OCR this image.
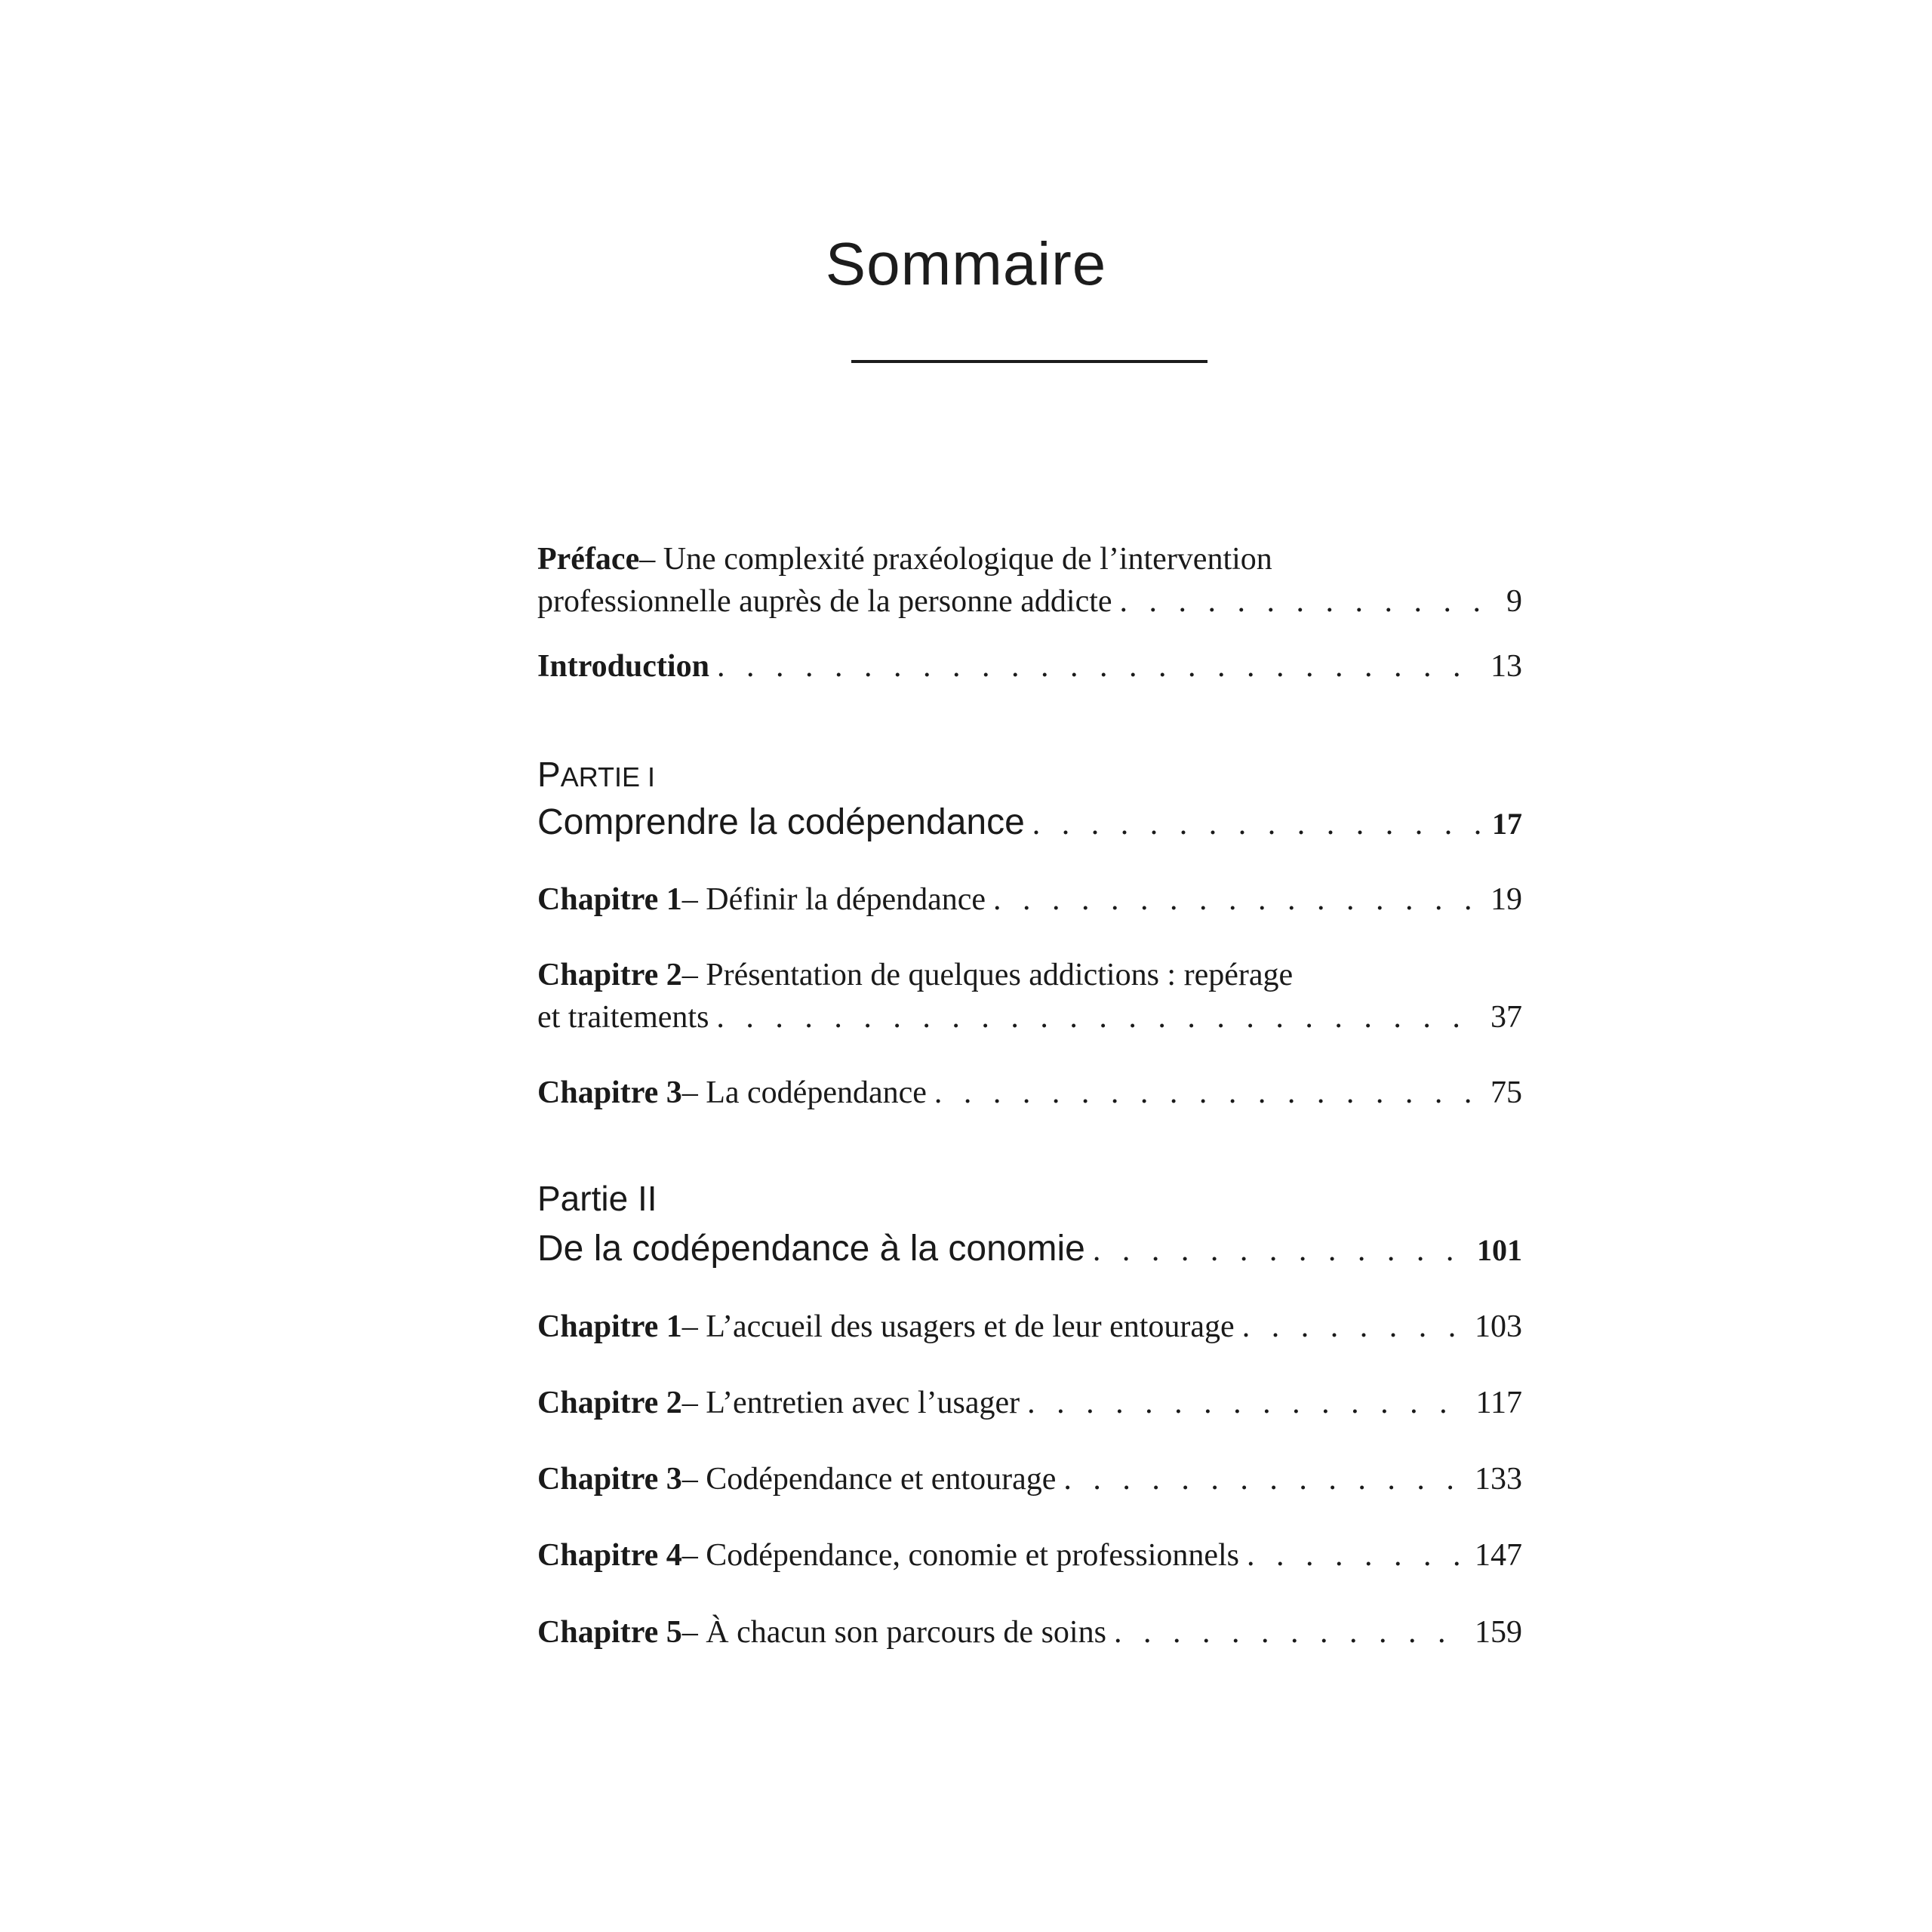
Sommaire
Préface – Une complexité praxéologique de l’intervention
professionnelle auprès de la personne addicte . . .	9
Introduction . . .	13
PARTIE I
Comprendre la codépendance . . .	17
Chapitre 1 – Définir la dépendance . . .	19
Chapitre 2 – Présentation de quelques addictions : repérage
et traitements . . .	37
Chapitre 3 – La codépendance . . .	75
Partie II
De la codépendance à la conomie . . .	101
Chapitre 1 – L’accueil des usagers et de leur entourage . . .	103
Chapitre 2 – L’entretien avec l’usager . . .	117
Chapitre 3 – Codépendance et entourage . . .	133
Chapitre 4 – Codépendance, conomie et professionnels . . .	147
Chapitre 5 – À chacun son parcours de soins . . .	159
